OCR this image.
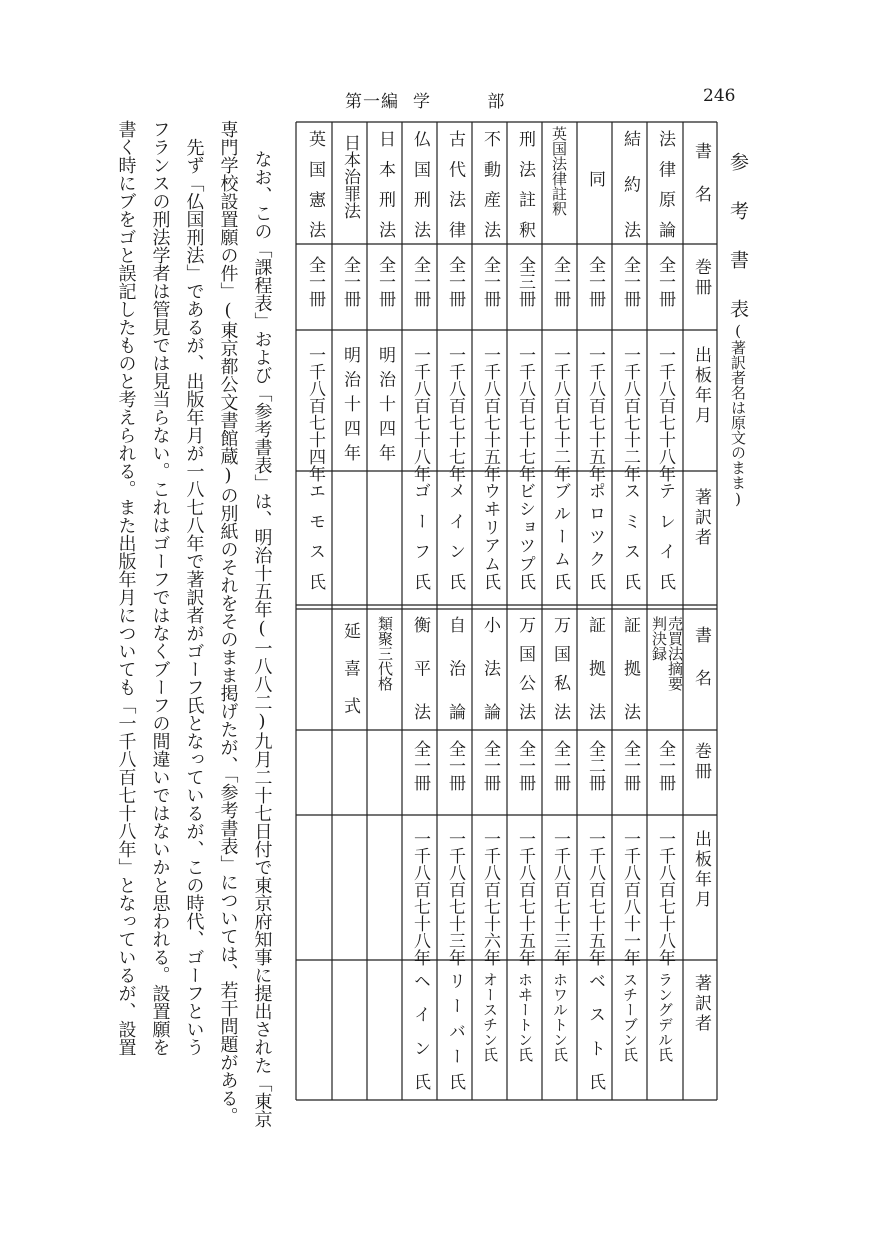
第一編 学 部	246
参 考 書 表(著訳者名は原文のまま)
書 名
巻冊
出板年月
著訳者
法律原論
全一冊
一千八百七十八年
テレイ氏
結約法
全一冊
一千八百七十二年
スミス氏
同
全一冊
一千八百七十五年
ポロツク氏
英国法律註釈
全一冊
一千八百七十二年
ブルーム氏
刑法註釈
全三冊
一千八百七十七年
ビショツプ氏
不動産法
全一冊
一千八百七十五年
ウヰリアム氏
古代法律
全一冊
一千八百七十七年
メイン氏
仏国刑法
全一冊
一千八百七十八年
ゴーフ氏
日本刑法
全一冊
明治十四年
日本治罪法
全一冊
明治十四年
英国憲法
全一冊
一千八百七十四年
エモス氏
書 名
巻冊
出板年月
著訳者
売買法摘要
判決録
全一冊
一千八百七十八年
ラングデル氏
証拠法
全一冊
一千八百八十一年
スチーブン氏
証拠法
全二冊
一千八百七十五年
ベスト氏
万国私法
全一冊
一千八百七十三年
ホワルトン氏
万国公法
全一冊
一千八百七十五年
ホヰートン氏
小法論
全一冊
一千八百七十六年
オースチン氏
自治論
全一冊
一千八百七十三年
リーバー氏
衡平法
全一冊
一千八百七十八年
ヘイン氏
類聚三代格
延喜式
なお、この「課程表」および「参考書表」は、明治十五年(一八八二)九月二十七日付で東京府知事に提出された「東京
専門学校設置願の件」(東京都公文書館蔵)の別紙のそれをそのまま掲げたが、「参考書表」については、若干問題がある。
先ず「仏国刑法」であるが、出版年月が一八七八年で著訳者がゴーフ氏となっているが、この時代、ゴーフという
フランスの刑法学者は管見では見当らない。これはゴーフではなくブーフの間違いではないかと思われる。設置願を
書く時にブをゴと誤記したものと考えられる。また出版年月についても「一千八百七十八年」となっているが、設置
